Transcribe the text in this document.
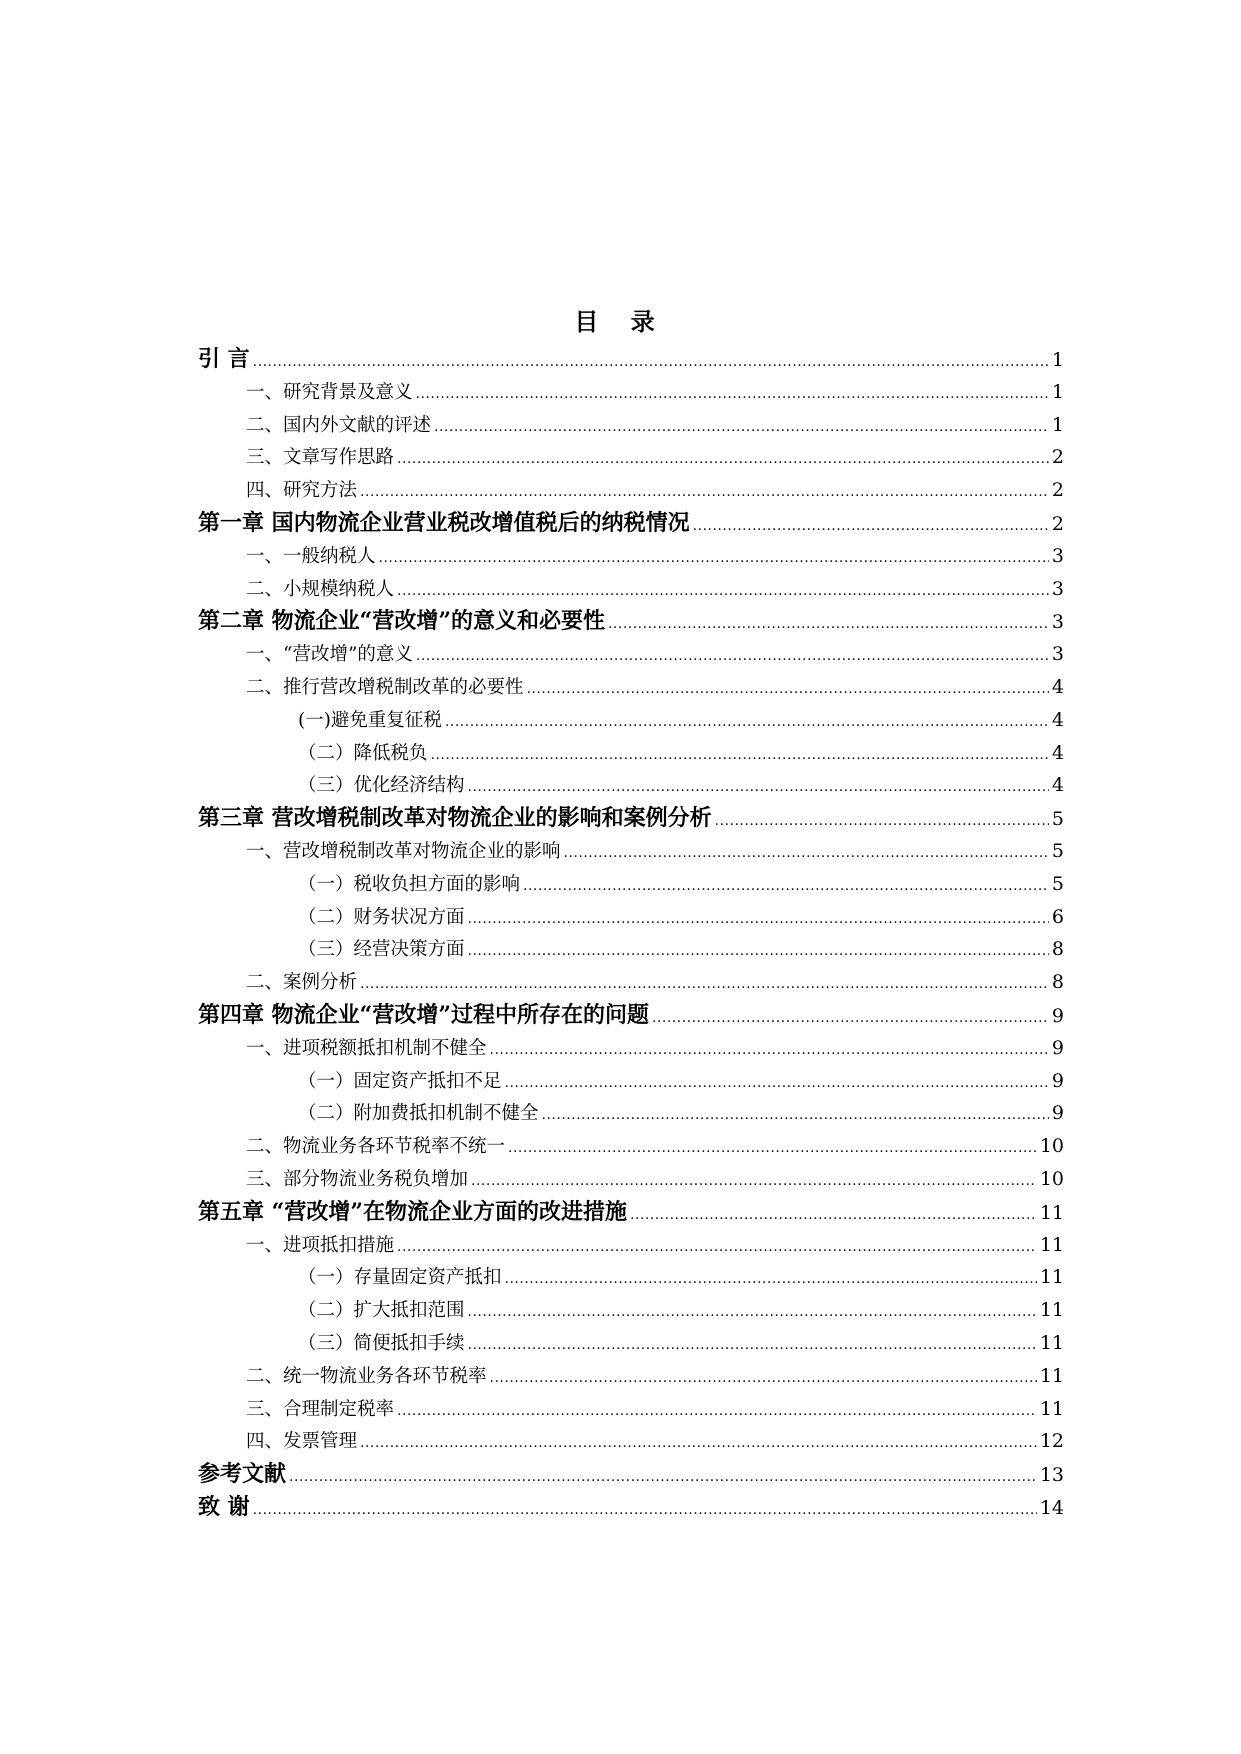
目 录
引 言 .....	1
一、研究背景及意义 .....	1
二、国内外文献的评述 .....	1
三、文章写作思路 .....	2
四、研究方法 .....	2
第一章 国内物流企业营业税改增值税后的纳税情况 .....	2
一、一般纳税人 .....	3
二、小规模纳税人 .....	3
第二章 物流企业“营改增”的意义和必要性 .....	3
一、“营改增”的意义 .....	3
二、推行营改增税制改革的必要性 .....	4
(一)避免重复征税 .....	4
（二）降低税负 .....	4
（三）优化经济结构 .....	4
第三章 营改增税制改革对物流企业的影响和案例分析 .....	5
一、营改增税制改革对物流企业的影响 .....	5
（一）税收负担方面的影响 .....	5
（二）财务状况方面 .....	6
（三）经营决策方面 .....	8
二、案例分析 .....	8
第四章 物流企业“营改增”过程中所存在的问题 .....	9
一、进项税额抵扣机制不健全 .....	9
（一）固定资产抵扣不足 .....	9
（二）附加费抵扣机制不健全 .....	9
二、物流业务各环节税率不统一 .....	10
三、部分物流业务税负增加 .....	10
第五章 “营改增”在物流企业方面的改进措施 .....	11
一、进项抵扣措施 .....	11
（一）存量固定资产抵扣 .....	11
（二）扩大抵扣范围 .....	11
（三）简便抵扣手续 .....	11
二、统一物流业务各环节税率 .....	11
三、合理制定税率 .....	11
四、发票管理 .....	12
参考文献 .....	13
致 谢 .....	14
